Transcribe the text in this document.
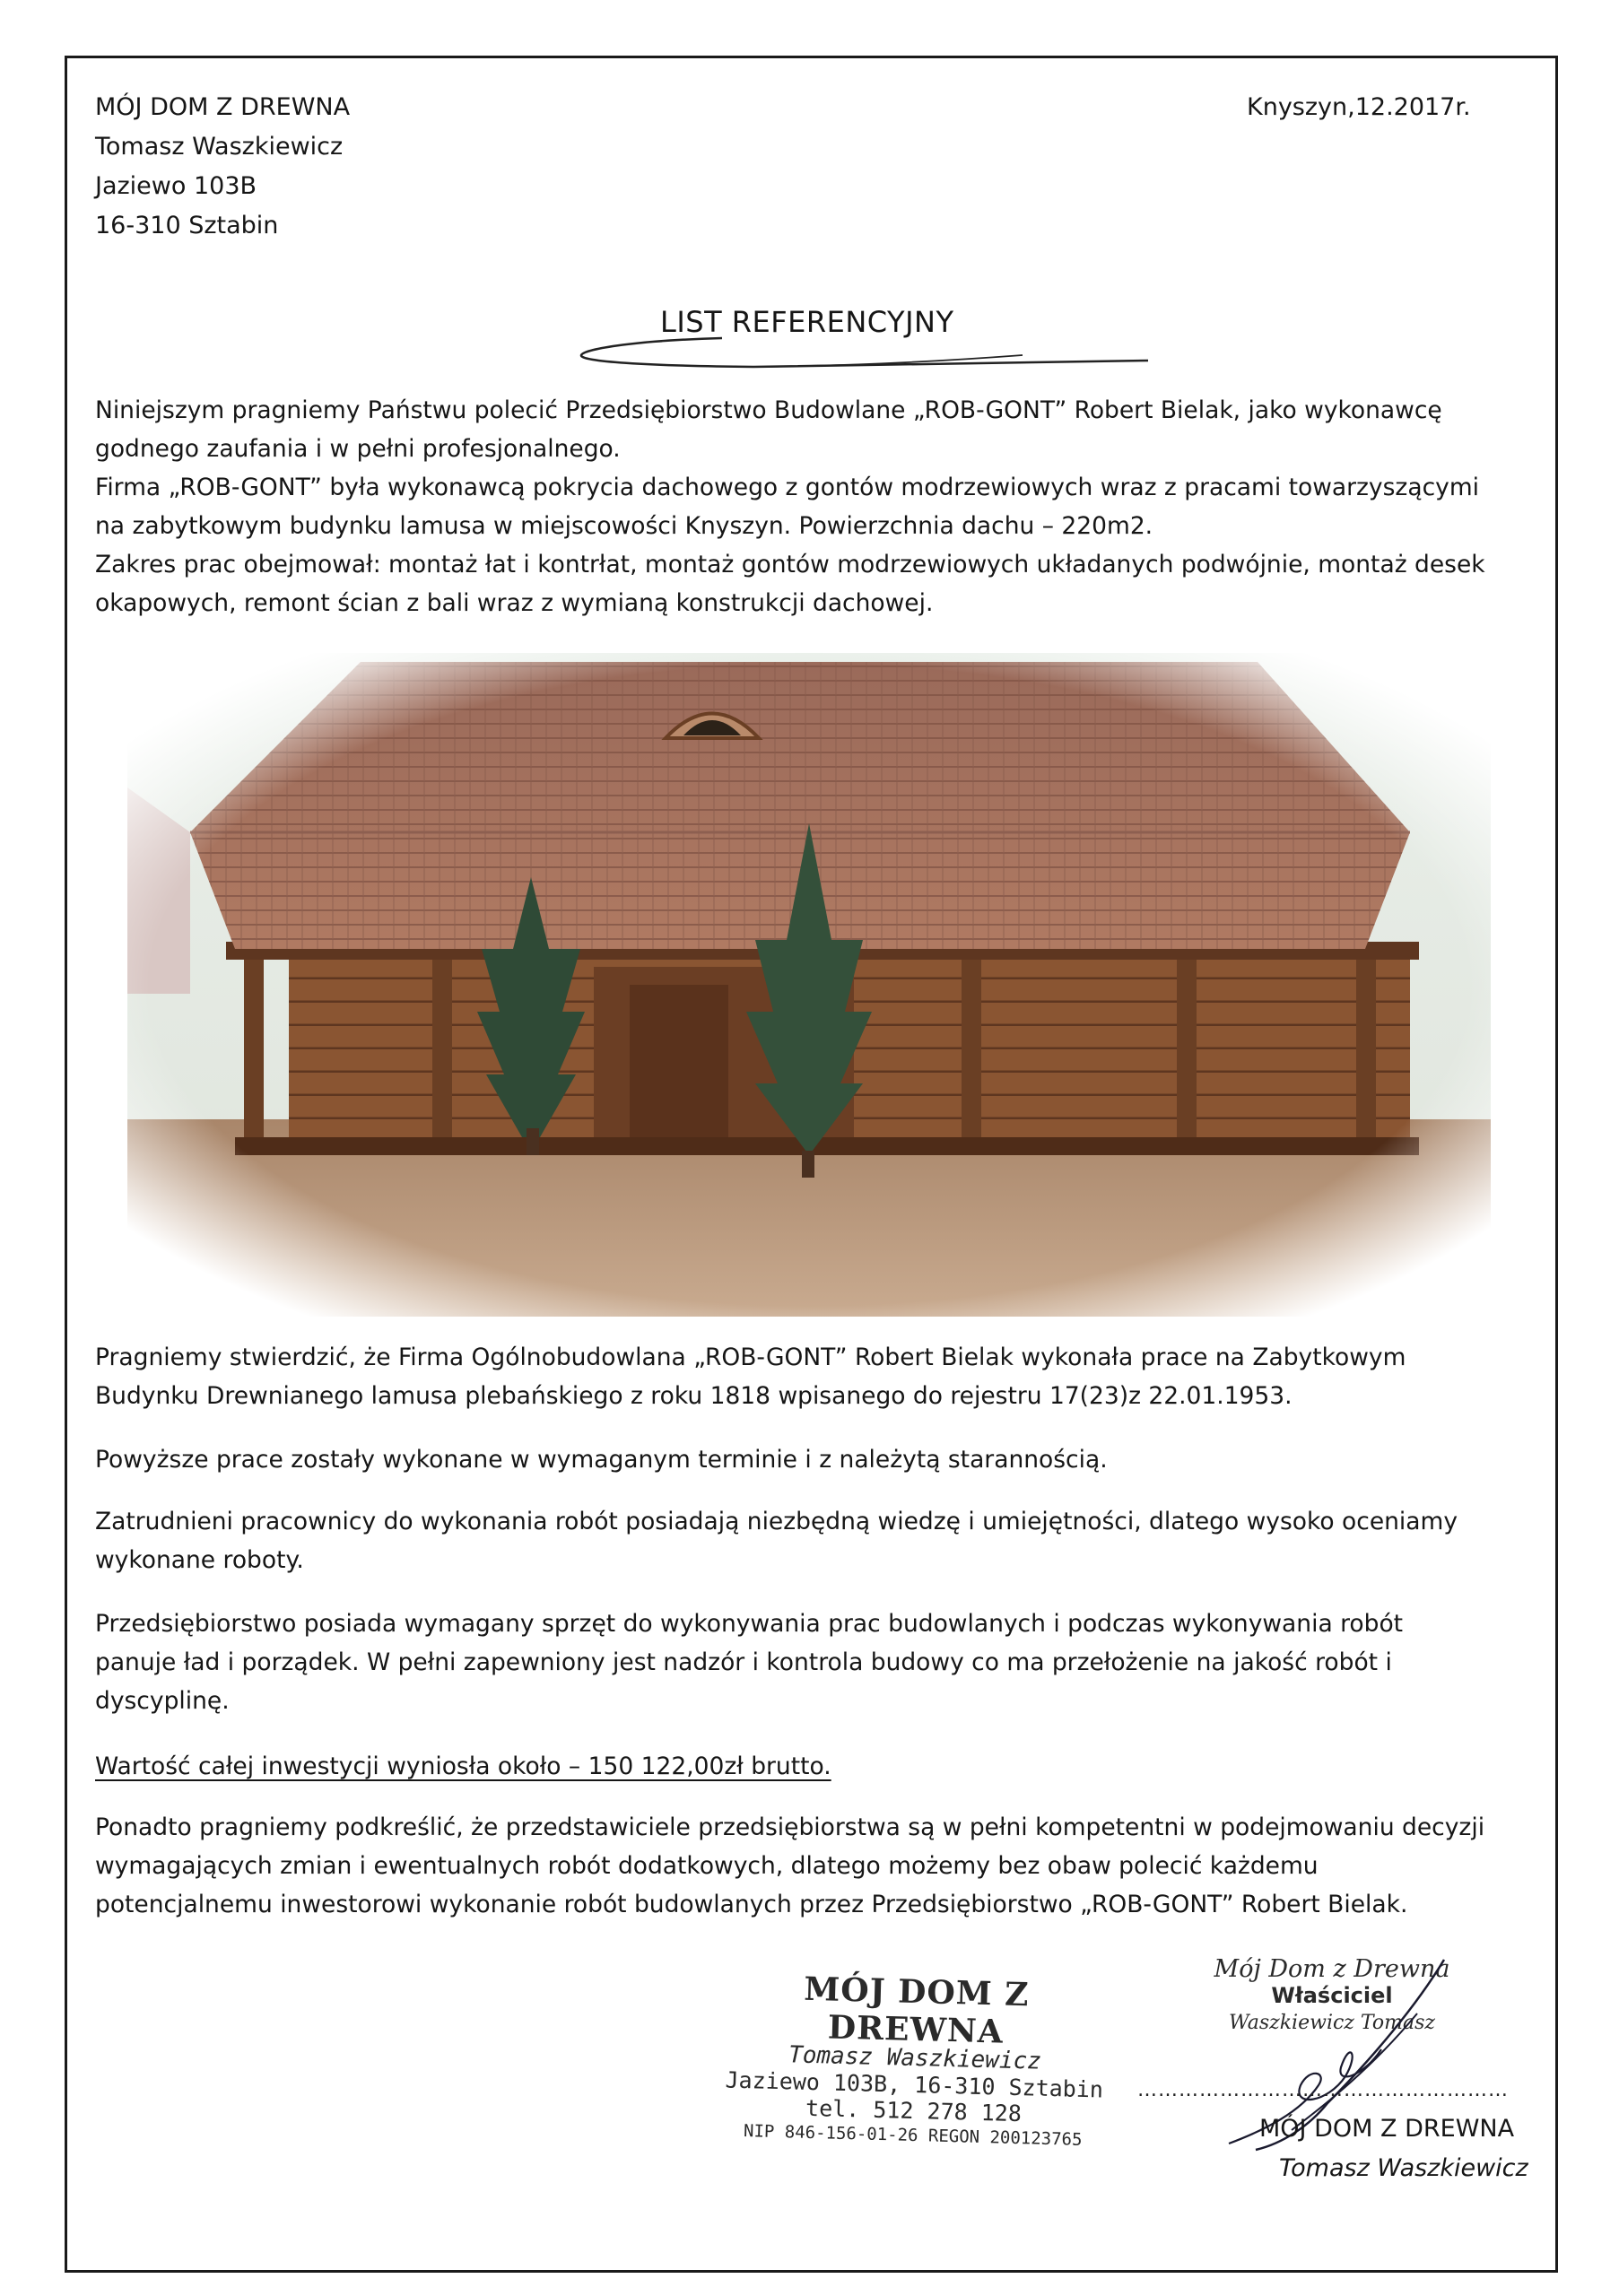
MÓJ DOM Z DREWNA
Tomasz Waszkiewicz
Jaziewo 103B
16-310 Sztabin
Knyszyn,12.2017r.
LIST REFERENCYJNY

Niniejszym pragniemy Państwu polecić Przedsiębiorstwo Budowlane „ROB-GONT” Robert Bielak, jako wykonawcę

godnego zaufania i w pełni profesjonalnego.

Firma „ROB-GONT” była wykonawcą pokrycia dachowego z gontów modrzewiowych wraz z pracami towarzyszącymi

na zabytkowym budynku lamusa w miejscowości Knyszyn. Powierzchnia dachu – 220m2.

Zakres prac obejmował: montaż łat i kontrłat, montaż gontów modrzewiowych układanych podwójnie, montaż desek

okapowych, remont ścian z bali wraz z wymianą konstrukcji dachowej.

Pragniemy stwierdzić, że Firma Ogólnobudowlana „ROB-GONT” Robert Bielak wykonała prace na Zabytkowym

Budynku Drewnianego lamusa plebańskiego z roku 1818 wpisanego do rejestru 17(23)z 22.01.1953.

Powyższe prace zostały wykonane w wymaganym terminie i z należytą starannością.

Zatrudnieni pracownicy do wykonania robót posiadają niezbędną wiedzę i umiejętności, dlatego wysoko oceniamy

wykonane roboty.

Przedsiębiorstwo posiada wymagany sprzęt do wykonywania prac budowlanych i podczas wykonywania robót

panuje ład i porządek. W pełni zapewniony jest nadzór i kontrola budowy co ma przełożenie na jakość robót i

dyscyplinę.

Wartość całej inwestycji wyniosła około – 150 122,00zł brutto.

Ponadto pragniemy podkreślić, że przedstawiciele przedsiębiorstwa są w pełni kompetentni w podejmowaniu decyzji

wymagających zmian i ewentualnych robót dodatkowych, dlatego możemy bez obaw polecić każdemu

potencjalnemu inwestorowi wykonanie robót budowlanych przez Przedsiębiorstwo „ROB-GONT” Robert Bielak.

MÓJ DOM Z DREWNA
Tomasz Waszkiewicz
Jaziewo 103B, 16-310 Sztabin
tel. 512 278 128
NIP 846-156-01-26 REGON 200123765
Mój Dom z Drewna
Właściciel
Waszkiewicz Tomasz
………………………………………………
MÓJ DOM Z DREWNA
Tomasz Waszkiewicz
